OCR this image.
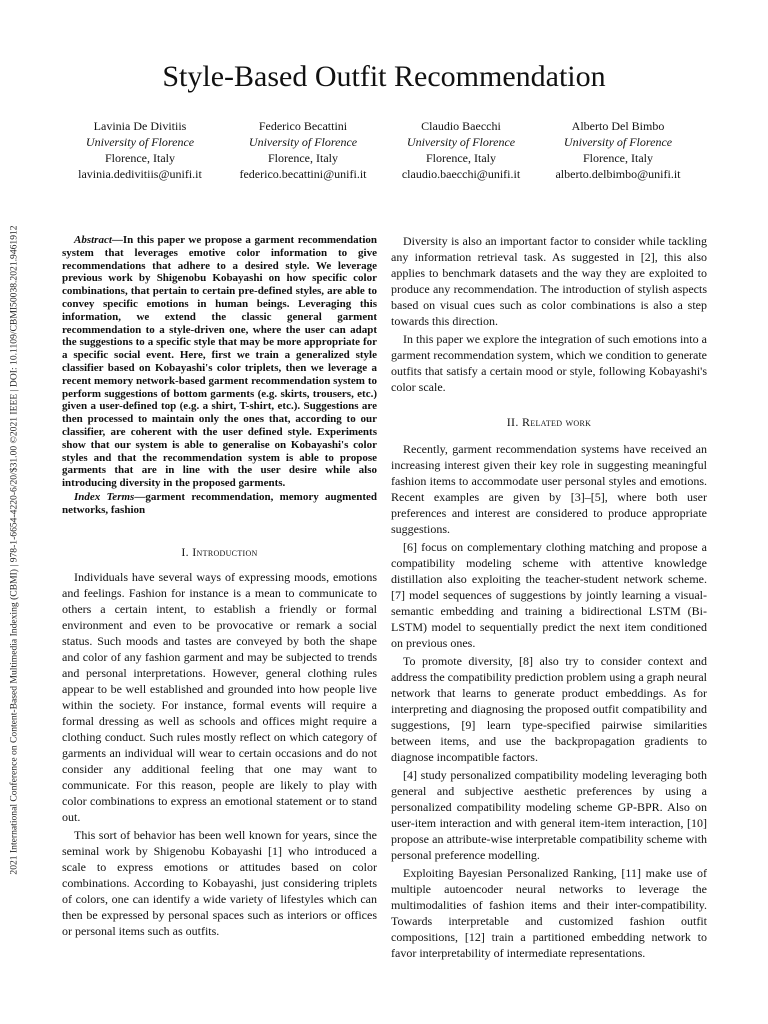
2021 International Conference on Content-Based Multimedia Indexing (CBMI) | 978-1-6654-4220-6/20/$31.00 ©2021 IEEE | DOI: 10.1109/CBMI50038.2021.9461912
Style-Based Outfit Recommendation
Lavinia De Divitiis
University of Florence
Florence, Italy
lavinia.dedivitiis@unifi.it
Federico Becattini
University of Florence
Florence, Italy
federico.becattini@unifi.it
Claudio Baecchi
University of Florence
Florence, Italy
claudio.baecchi@unifi.it
Alberto Del Bimbo
University of Florence
Florence, Italy
alberto.delbimbo@unifi.it

Abstract—In this paper we propose a garment recommendation system that leverages emotive color information to give recommendations that adhere to a desired style. We leverage previous work by Shigenobu Kobayashi on how specific color combinations, that pertain to certain pre-defined styles, are able to convey specific emotions in human beings. Leveraging this information, we extend the classic general garment recommendation to a style-driven one, where the user can adapt the suggestions to a specific style that may be more appropriate for a specific social event. Here, first we train a generalized style classifier based on Kobayashi's color triplets, then we leverage a recent memory network-based garment recommendation system to perform suggestions of bottom garments (e.g. skirts, trousers, etc.) given a user-defined top (e.g. a shirt, T-shirt, etc.). Suggestions are then processed to maintain only the ones that, according to our classifier, are coherent with the user defined style. Experiments show that our system is able to generalise on Kobayashi's color styles and that the recommendation system is able to propose garments that are in line with the user desire while also introducing diversity in the proposed garments.

Index Terms—garment recommendation, memory augmented networks, fashion

I. Introduction

Individuals have several ways of expressing moods, emotions and feelings. Fashion for instance is a mean to communicate to others a certain intent, to establish a friendly or formal environment and even to be provocative or remark a social status. Such moods and tastes are conveyed by both the shape and color of any fashion garment and may be subjected to trends and personal interpretations. However, general clothing rules appear to be well established and grounded into how people live within the society. For instance, formal events will require a formal dressing as well as schools and offices might require a clothing conduct. Such rules mostly reflect on which category of garments an individual will wear to certain occasions and do not consider any additional feeling that one may want to communicate. For this reason, people are likely to play with color combinations to express an emotional statement or to stand out.

This sort of behavior has been well known for years, since the seminal work by Shigenobu Kobayashi [1] who introduced a scale to express emotions or attitudes based on color combinations. According to Kobayashi, just considering triplets of colors, one can identify a wide variety of lifestyles which can then be expressed by personal spaces such as interiors or offices or personal items such as outfits.

Diversity is also an important factor to consider while tackling any information retrieval task. As suggested in [2], this also applies to benchmark datasets and the way they are exploited to produce any recommendation. The introduction of stylish aspects based on visual cues such as color combinations is also a step towards this direction.

In this paper we explore the integration of such emotions into a garment recommendation system, which we condition to generate outfits that satisfy a certain mood or style, following Kobayashi's color scale.

II. Related work

Recently, garment recommendation systems have received an increasing interest given their key role in suggesting meaningful fashion items to accommodate user personal styles and emotions. Recent examples are given by [3]–[5], where both user preferences and interest are considered to produce appropriate suggestions.

[6] focus on complementary clothing matching and propose a compatibility modeling scheme with attentive knowledge distillation also exploiting the teacher-student network scheme. [7] model sequences of suggestions by jointly learning a visual-semantic embedding and training a bidirectional LSTM (Bi-LSTM) model to sequentially predict the next item conditioned on previous ones.

To promote diversity, [8] also try to consider context and address the compatibility prediction problem using a graph neural network that learns to generate product embeddings. As for interpreting and diagnosing the proposed outfit compatibility and suggestions, [9] learn type-specified pairwise similarities between items, and use the backpropagation gradients to diagnose incompatible factors.

[4] study personalized compatibility modeling leveraging both general and subjective aesthetic preferences by using a personalized compatibility modeling scheme GP-BPR. Also on user-item interaction and with general item-item interaction, [10] propose an attribute-wise interpretable compatibility scheme with personal preference modelling.

Exploiting Bayesian Personalized Ranking, [11] make use of multiple autoencoder neural networks to leverage the multimodalities of fashion items and their inter-compatibility. Towards interpretable and customized fashion outfit compositions, [12] train a partitioned embedding network to favor interpretability of intermediate representations.
